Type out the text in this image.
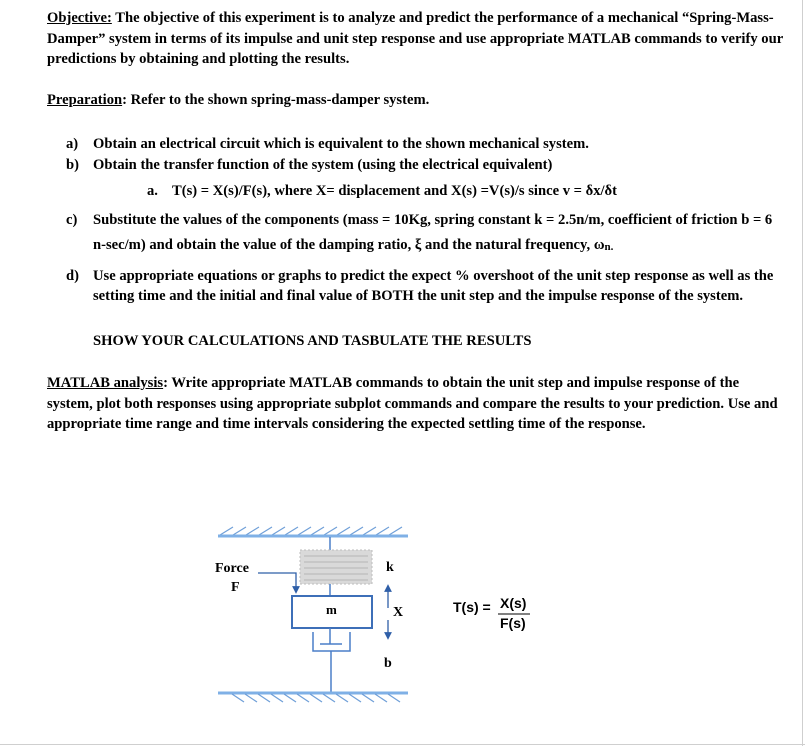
Objective: The objective of this experiment is to analyze and predict the performance of a mechanical “Spring-Mass-Damper” system in terms of its impulse and unit step response and use appropriate MATLAB commands to verify our predictions by obtaining and plotting the results.

Preparation: Refer to the shown spring-mass-damper system.

a) Obtain an electrical circuit which is equivalent to the shown mechanical system.
b) Obtain the transfer function of the system (using the electrical equivalent)
a. T(s) = X(s)/F(s), where X= displacement and X(s) =V(s)/s since v = δx/δt
c) Substitute the values of the components (mass = 10Kg, spring constant k = 2.5n/m, coefficient of friction b = 6 n-sec/m) and obtain the value of the damping ratio, ξ and the natural frequency, ωn.
d) Use appropriate equations or graphs to predict the expect % overshoot of the unit step response as well as the setting time and the initial and final value of BOTH the unit step and the impulse response of the system.

SHOW YOUR CALCULATIONS AND TASBULATE THE RESULTS

MATLAB analysis: Write appropriate MATLAB commands to obtain the unit step and impulse response of the system, plot both responses using appropriate subplot commands and compare the results to your prediction. Use and appropriate time range and time intervals considering the expected settling time of the response.

Force
F
m
k
X
b
T(s) = X(s)
F(s)
